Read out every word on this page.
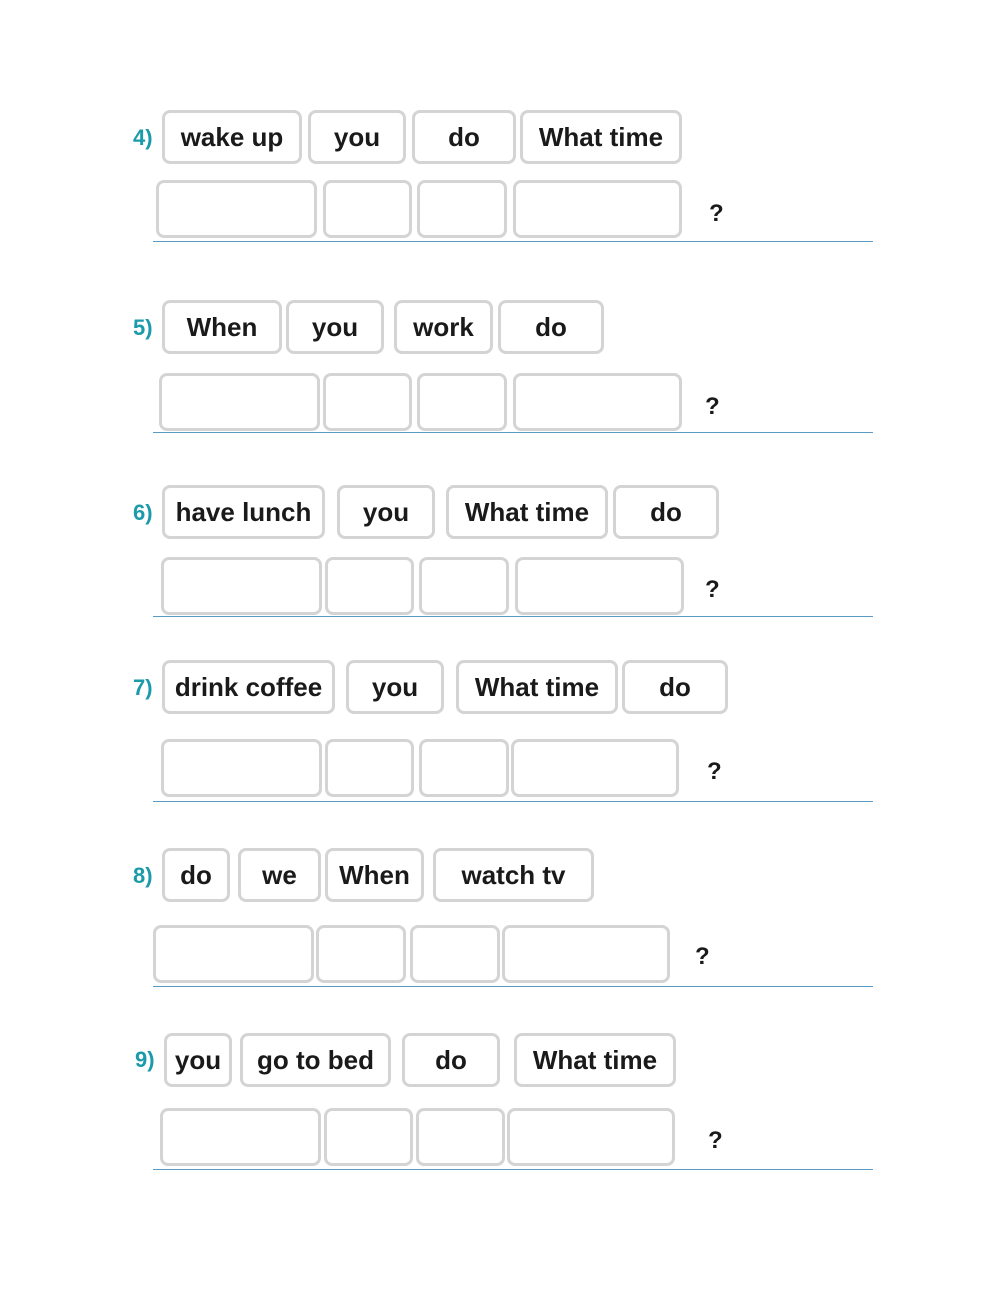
4)	wake up	you	do	What time
?
5)	When	you	work	do
?
6) have lunch	you	What time	do
?
7) drink coffee	you	What time	do
?
8)	do	we	When	watch tv
?
9) you	go to bed	do	What time
?
